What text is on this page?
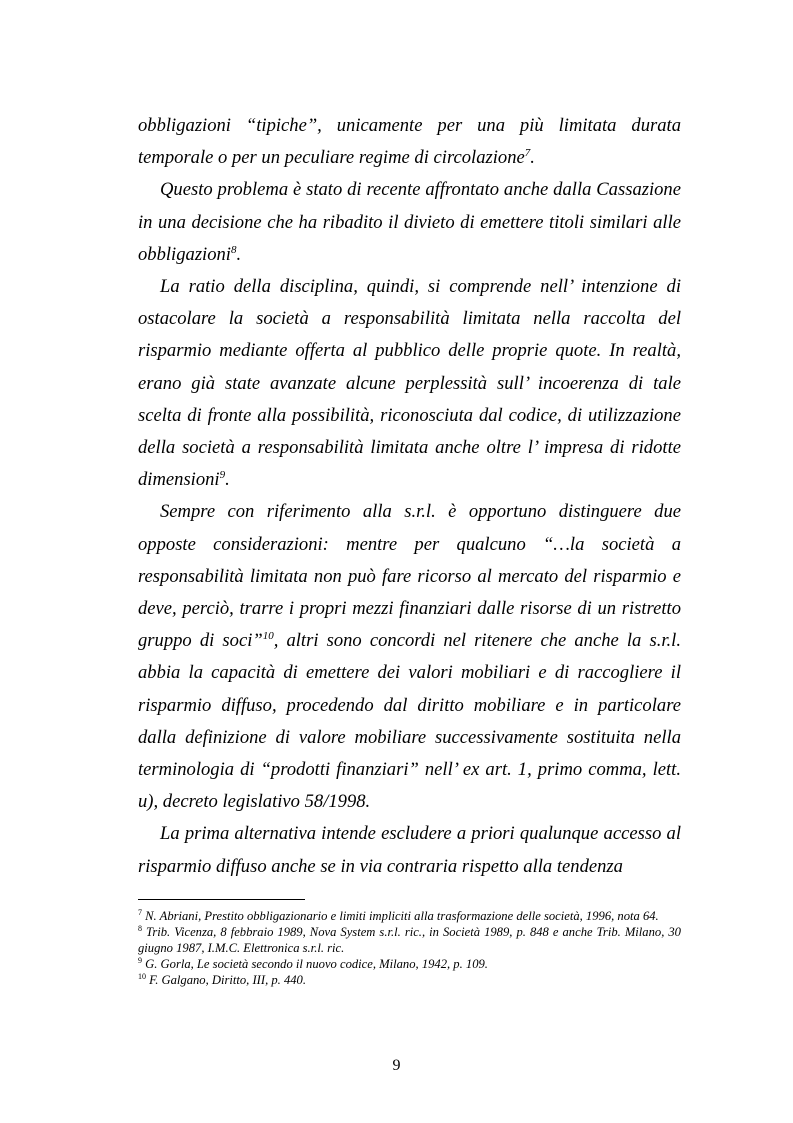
obbligazioni “tipiche”, unicamente per una più limitata durata temporale o per un peculiare regime di circolazione$^7$.

Questo problema è stato di recente affrontato anche dalla Cassazione in una decisione che ha ribadito il divieto di emettere titoli similari alle obbligazioni$^8$.

La ratio della disciplina, quindi, si comprende nell’ intenzione di ostacolare la società a responsabilità limitata nella raccolta del risparmio mediante offerta al pubblico delle proprie quote. In realtà, erano già state avanzate alcune perplessità sull’ incoerenza di tale scelta di fronte alla possibilità, riconosciuta dal codice, di utilizzazione della società a responsabilità limitata anche oltre l’ impresa di ridotte dimensioni$^9$.

Sempre con riferimento alla s.r.l. è opportuno distinguere due opposte considerazioni: mentre per qualcuno “…la società a responsabilità limitata non può fare ricorso al mercato del risparmio e deve, perciò, trarre i propri mezzi finanziari dalle risorse di un ristretto gruppo di soci”$^{10}$, altri sono concordi nel ritenere che anche la s.r.l. abbia la capacità di emettere dei valori mobiliari e di raccogliere il risparmio diffuso, procedendo dal diritto mobiliare e in particolare dalla definizione di valore mobiliare successivamente sostituita nella terminologia di “prodotti finanziari” nell’ ex art. 1, primo comma, lett. u), decreto legislativo 58/1998.

La prima alternativa intende escludere a priori qualunque accesso al risparmio diffuso anche se in via contraria rispetto alla tendenza

$^7$ N. Abriani, Prestito obbligazionario e limiti impliciti alla trasformazione delle società, 1996, nota 64.

$^8$ Trib. Vicenza, 8 febbraio 1989, Nova System s.r.l. ric., in Società 1989, p. 848 e anche Trib. Milano, 30 giugno 1987, I.M.C. Elettronica s.r.l. ric.

$^9$ G. Gorla, Le società secondo il nuovo codice, Milano, 1942, p. 109.

$^{10}$ F. Galgano, Diritto, III, p. 440.

9
